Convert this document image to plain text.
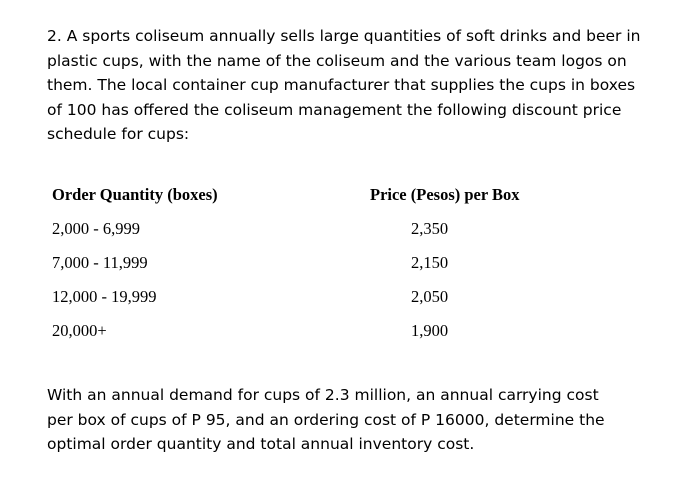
2. A sports coliseum annually sells large quantities of soft drinks and beer in
plastic cups, with the name of the coliseum and the various team logos on
them. The local container cup manufacturer that supplies the cups in boxes
of 100 has offered the coliseum management the following discount price
schedule for cups:
Order Quantity (boxes)	Price (Pesos) per Box
2,000 - 6,999	2,350
7,000 - 11,999	2,150
12,000 - 19,999	2,050
20,000+	1,900
With an annual demand for cups of 2.3 million, an annual carrying cost
per box of cups of P 95, and an ordering cost of P 16000, determine the
optimal order quantity and total annual inventory cost.
